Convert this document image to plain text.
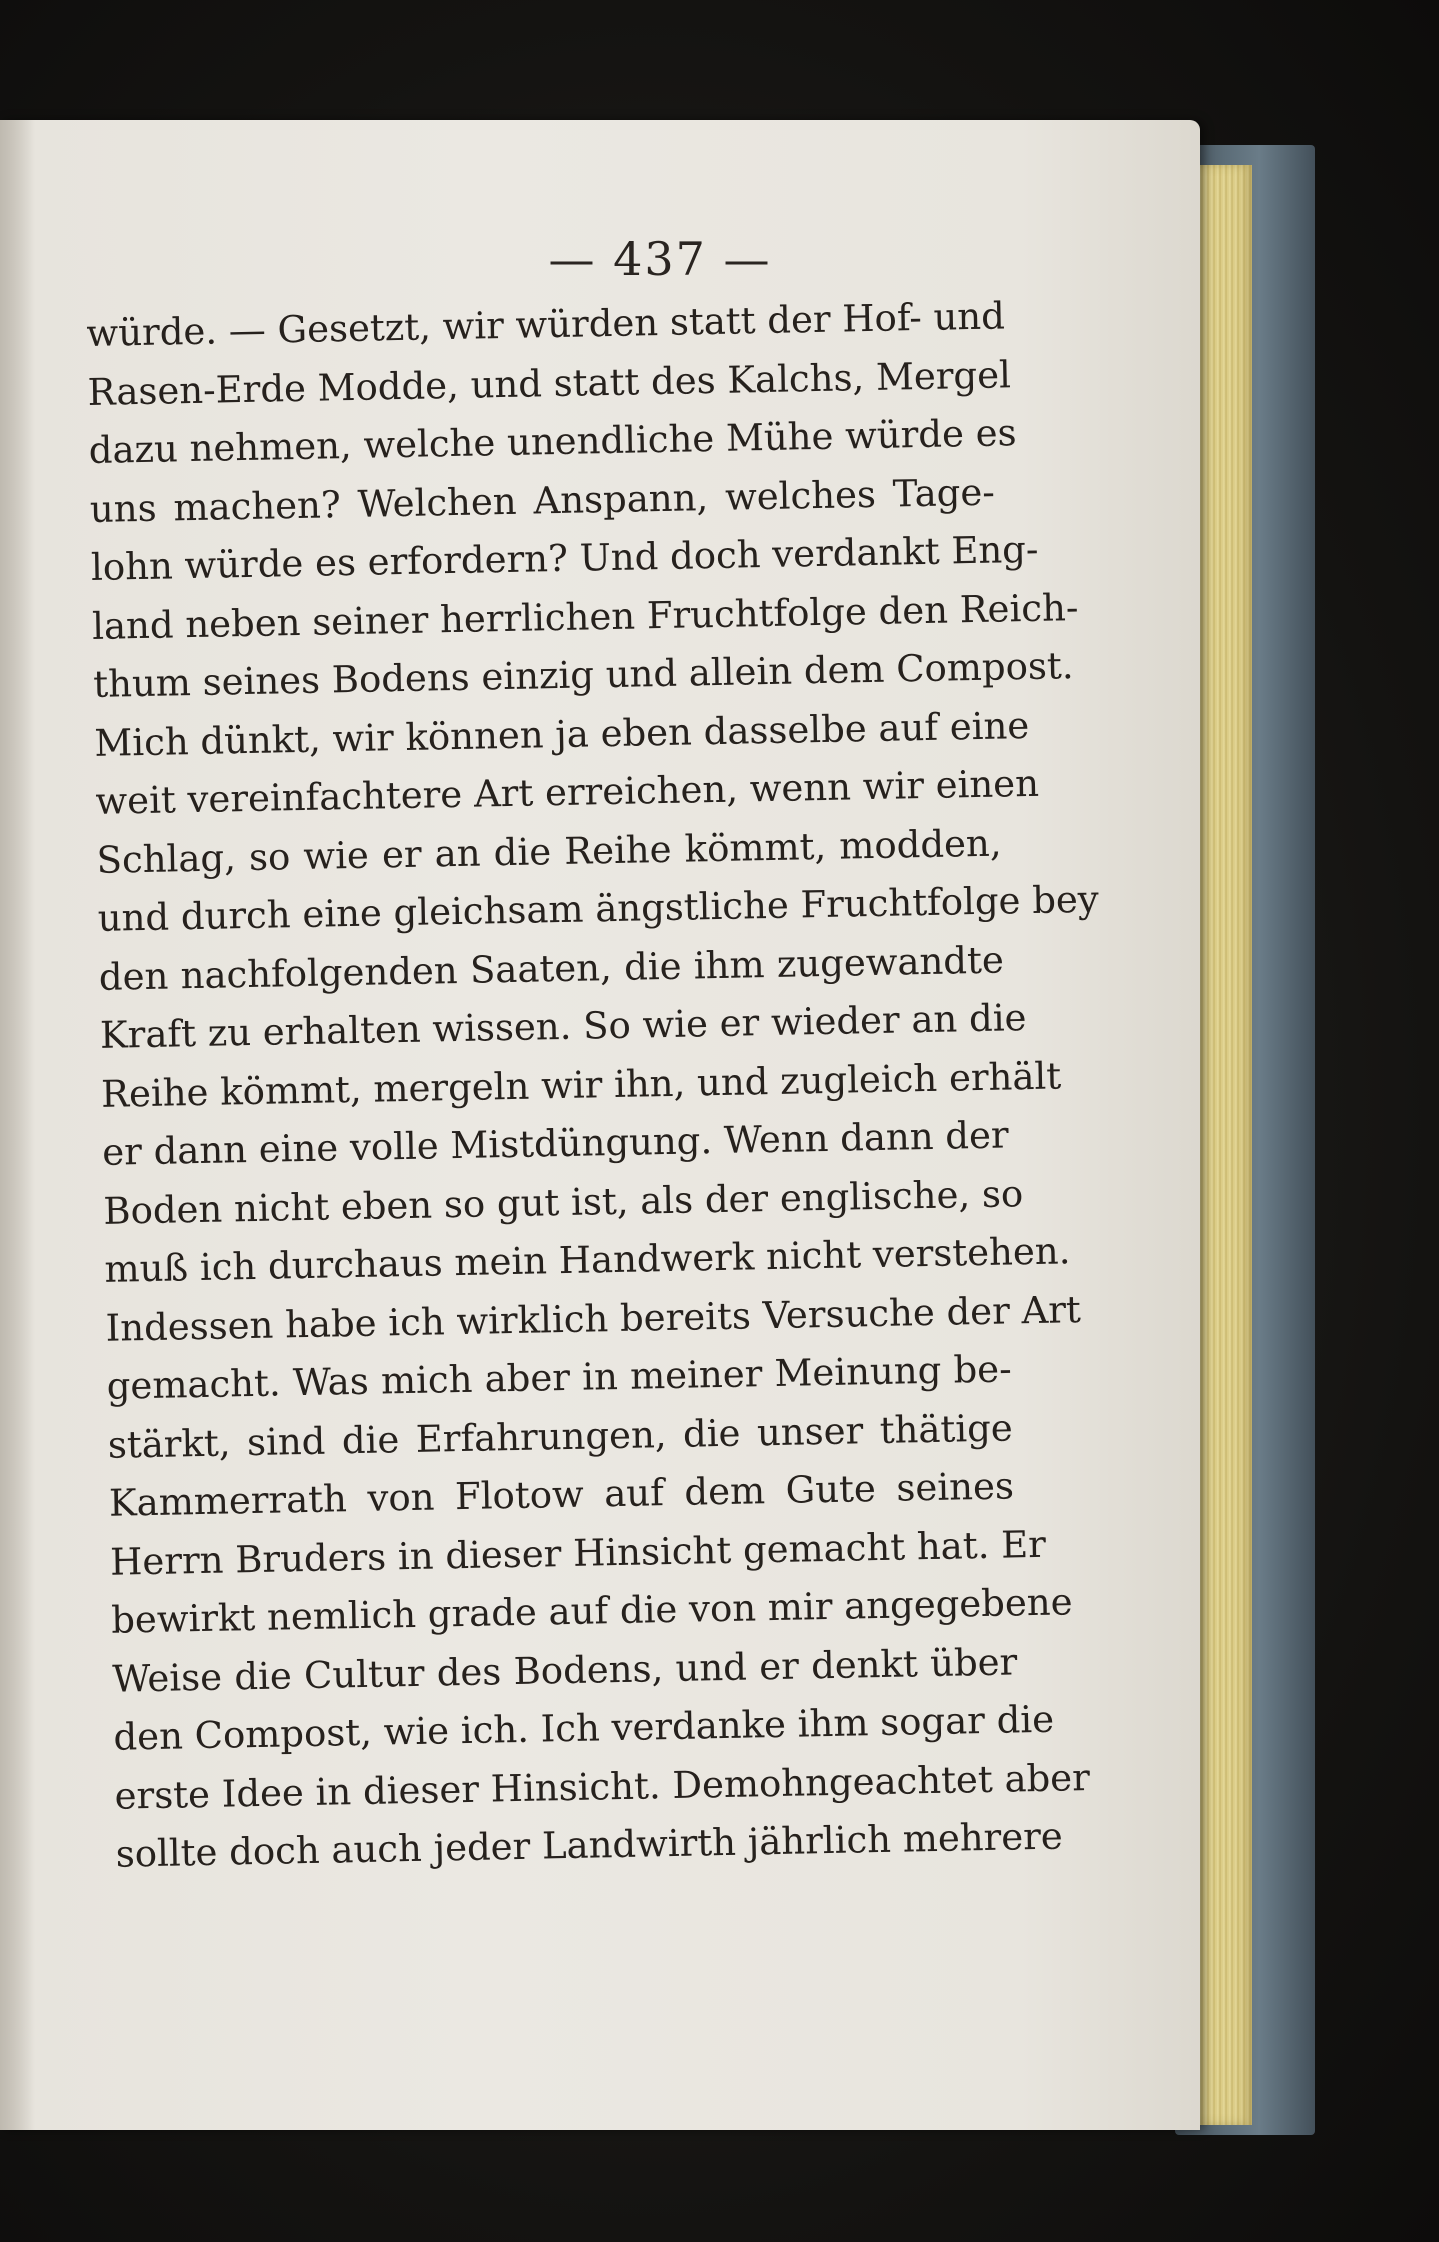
— 437 —
würde. — Gesetzt, wir würden statt der Hof- und
Rasen-Erde Modde, und statt des Kalchs, Mergel
dazu nehmen, welche unendliche Mühe würde es
uns machen? Welchen Anspann, welches Tage-
lohn würde es erfordern? Und doch verdankt Eng-
land neben seiner herrlichen Fruchtfolge den Reich-
thum seines Bodens einzig und allein dem Compost.
Mich dünkt, wir können ja eben dasselbe auf eine
weit vereinfachtere Art erreichen, wenn wir einen
Schlag, so wie er an die Reihe kömmt, modden,
und durch eine gleichsam ängstliche Fruchtfolge bey
den nachfolgenden Saaten, die ihm zugewandte
Kraft zu erhalten wissen. So wie er wieder an die
Reihe kömmt, mergeln wir ihn, und zugleich erhält
er dann eine volle Mistdüngung. Wenn dann der
Boden nicht eben so gut ist, als der englische, so
muß ich durchaus mein Handwerk nicht verstehen.
Indessen habe ich wirklich bereits Versuche der Art
gemacht. Was mich aber in meiner Meinung be-
stärkt, sind die Erfahrungen, die unser thätige
Kammerrath von Flotow auf dem Gute seines
Herrn Bruders in dieser Hinsicht gemacht hat. Er
bewirkt nemlich grade auf die von mir angegebene
Weise die Cultur des Bodens, und er denkt über
den Compost, wie ich. Ich verdanke ihm sogar die
erste Idee in dieser Hinsicht. Demohngeachtet aber
sollte doch auch jeder Landwirth jährlich mehrere
